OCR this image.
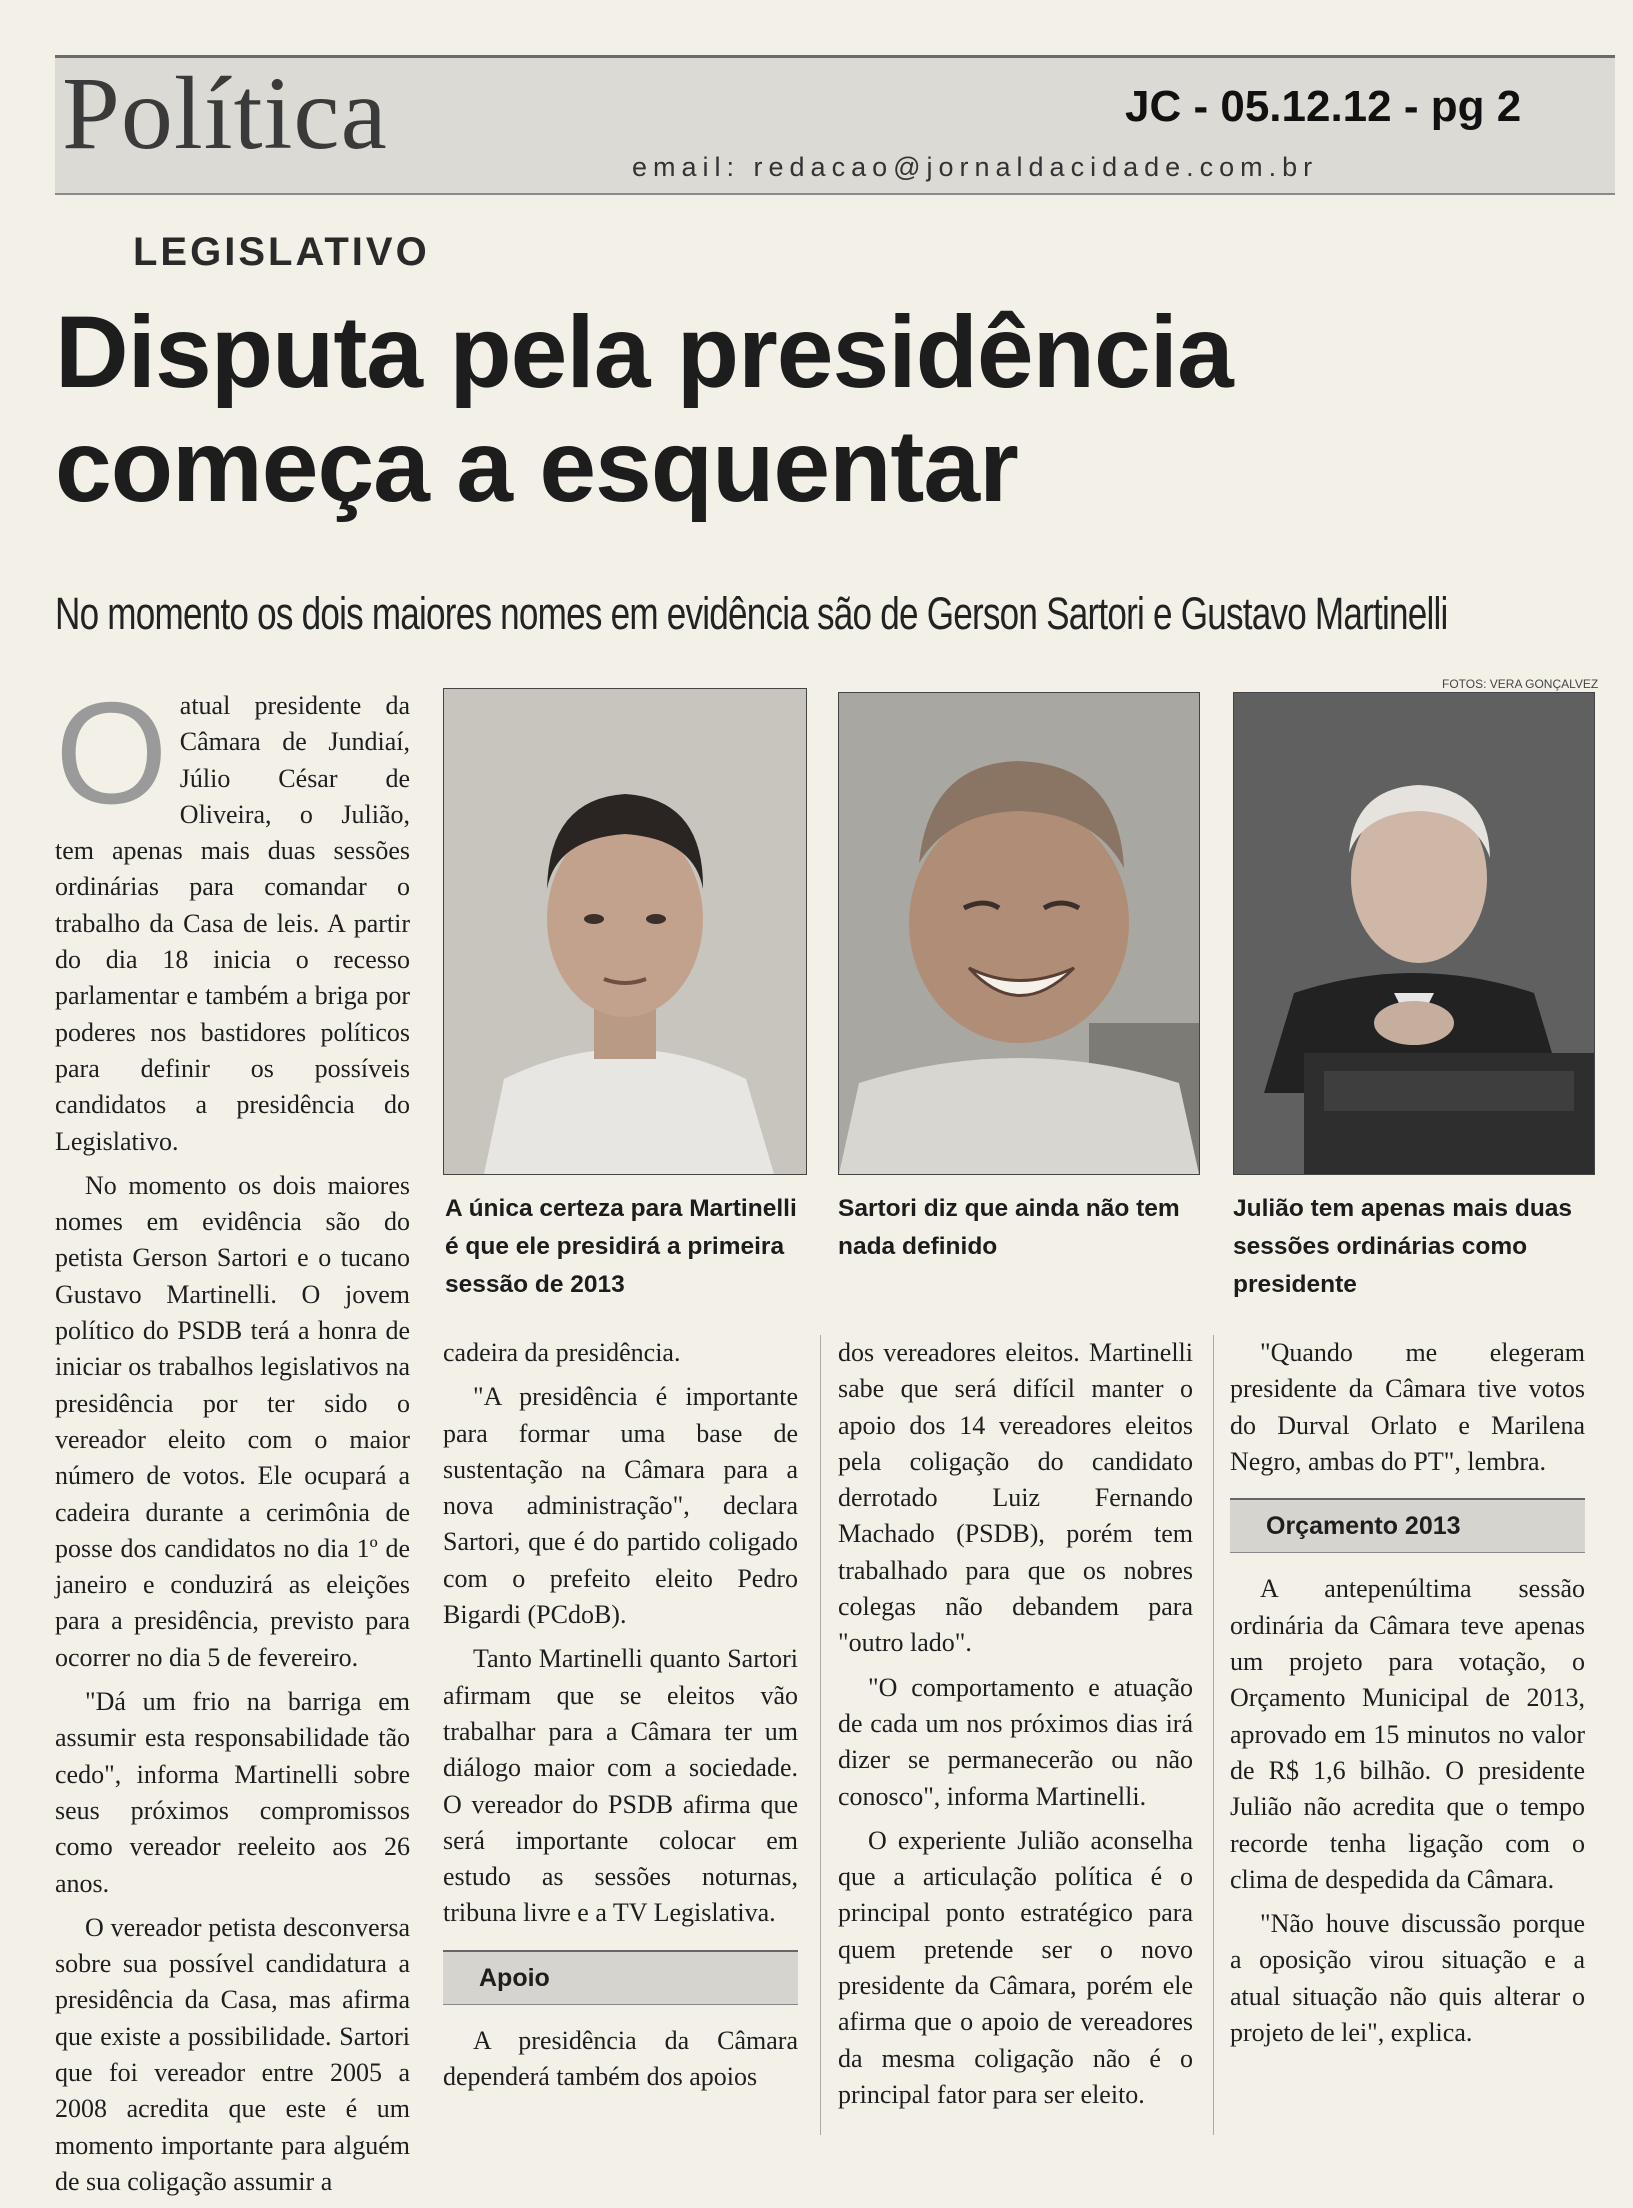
Política	JC - 05.12.12 - pg 2
email: redacao@jornaldacidade.com.br
LEGISLATIVO
Disputa pela presidência
começa a esquentar
No momento os dois maiores nomes em evidência são de Gerson Sartori e Gustavo Martinelli
FOTOS: VERA GONÇALVEZ

Oatual presidente da Câmara de Jundiaí, Júlio César de Oliveira, o Julião, tem apenas mais duas sessões ordinárias para comandar o trabalho da Casa de leis. A partir do dia 18 inicia o recesso parlamentar e também a briga por poderes nos bastidores políticos para definir os possíveis candidatos a presidência do Legislativo.

No momento os dois maiores nomes em evidência são do petista Gerson Sartori e o tucano Gustavo Martinelli. O jovem político do PSDB terá a honra de iniciar os trabalhos legislativos na presidência por ter sido o vereador eleito com o maior número de votos. Ele ocupará a cadeira durante a cerimônia de posse dos candidatos no dia 1º de janeiro e conduzirá as eleições para a presidência, previsto para ocorrer no dia 5 de fevereiro.

"Dá um frio na barriga em assumir esta responsabilidade tão cedo", informa Martinelli sobre seus próximos compromissos como vereador reeleito aos 26 anos.

O vereador petista desconversa sobre sua possível candidatura a presidência da Casa, mas afirma que existe a possibilidade. Sartori que foi vereador entre 2005 a 2008 acredita que este é um momento importante para alguém de sua coligação assumir a

A única certeza para Martinelli é que ele presidirá a primeira sessão de 2013
Sartori diz que ainda não tem nada definido
Julião tem apenas mais duas sessões ordinárias como presidente

cadeira da presidência.

"A presidência é importante para formar uma base de sustentação na Câmara para a nova administração", declara Sartori, que é do partido coligado com o prefeito eleito Pedro Bigardi (PCdoB).

Tanto Martinelli quanto Sartori afirmam que se eleitos vão trabalhar para a Câmara ter um diálogo maior com a sociedade. O vereador do PSDB afirma que será importante colocar em estudo as sessões noturnas, tribuna livre e a TV Legislativa.

Apoio

A presidência da Câmara dependerá também dos apoios

dos vereadores eleitos. Martinelli sabe que será difícil manter o apoio dos 14 vereadores eleitos pela coligação do candidato derrotado Luiz Fernando Machado (PSDB), porém tem trabalhado para que os nobres colegas não debandem para "outro lado".

"O comportamento e atuação de cada um nos próximos dias irá dizer se permanecerão ou não conosco", informa Martinelli.

O experiente Julião aconselha que a articulação política é o principal ponto estratégico para quem pretende ser o novo presidente da Câmara, porém ele afirma que o apoio de vereadores da mesma coligação não é o principal fator para ser eleito.

"Quando me elegeram presidente da Câmara tive votos do Durval Orlato e Marilena Negro, ambas do PT", lembra.

Orçamento 2013

A antepenúltima sessão ordinária da Câmara teve apenas um projeto para votação, o Orçamento Municipal de 2013, aprovado em 15 minutos no valor de R$ 1,6 bilhão. O presidente Julião não acredita que o tempo recorde tenha ligação com o clima de despedida da Câmara.

"Não houve discussão porque a oposição virou situação e a atual situação não quis alterar o projeto de lei", explica.
